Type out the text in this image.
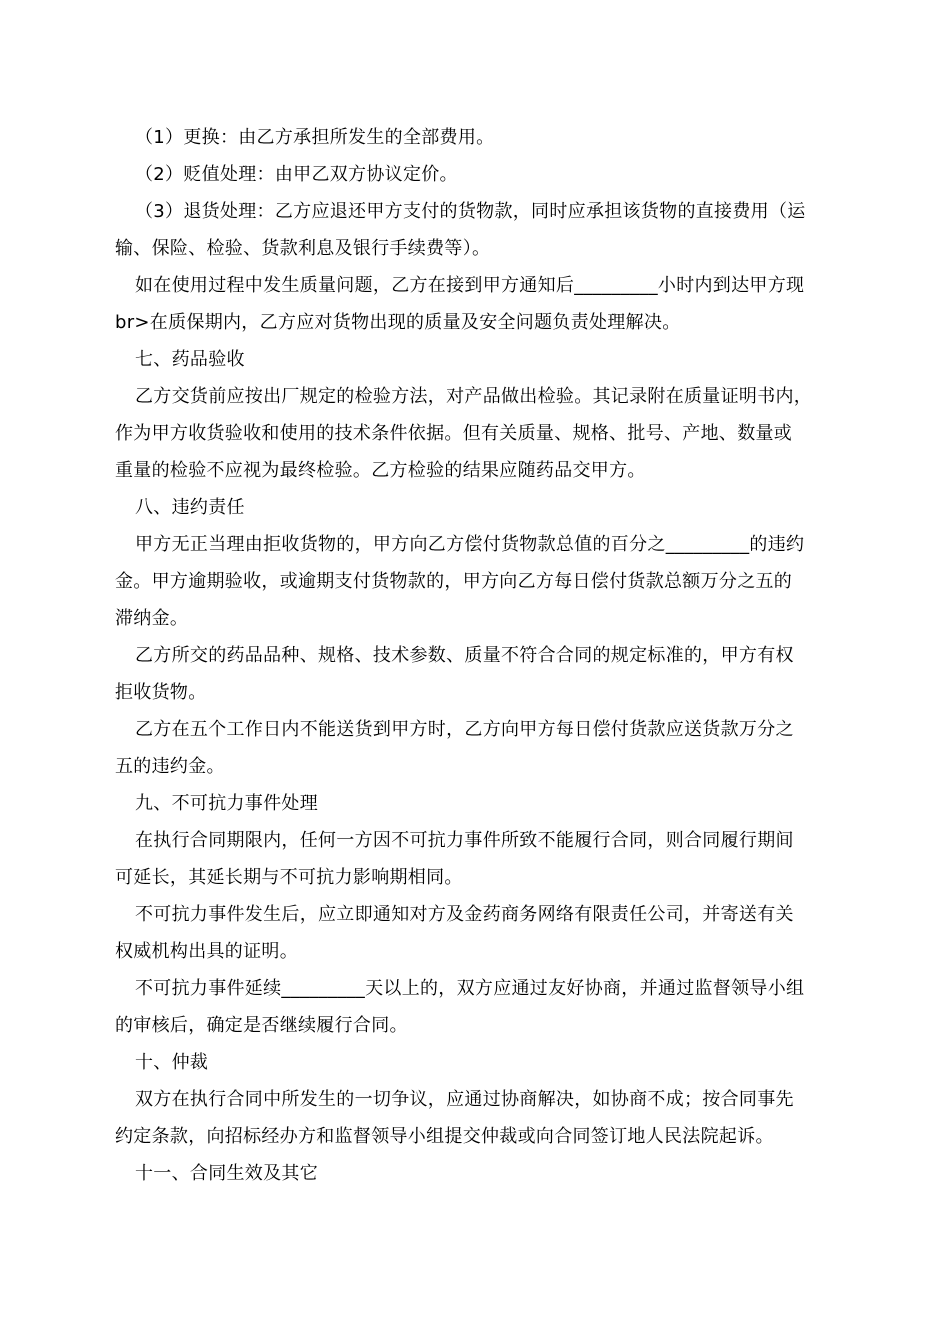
（1）更换：由乙方承担所发生的全部费用。
（2）贬值处理：由甲乙双方协议定价。
（3）退货处理：乙方应退还甲方支付的货物款，同时应承担该货物的直接费用（运
输、保险、检验、货款利息及银行手续费等）。
如在使用过程中发生质量问题，乙方在接到甲方通知后_________小时内到达甲方现
br>在质保期内，乙方应对货物出现的质量及安全问题负责处理解决。
七、药品验收
乙方交货前应按出厂规定的检验方法，对产品做出检验。其记录附在质量证明书内，
作为甲方收货验收和使用的技术条件依据。但有关质量、规格、批号、产地、数量或
重量的检验不应视为最终检验。乙方检验的结果应随药品交甲方。
八、违约责任
甲方无正当理由拒收货物的，甲方向乙方偿付货物款总值的百分之_________的违约
金。甲方逾期验收，或逾期支付货物款的，甲方向乙方每日偿付货款总额万分之五的
滞纳金。
乙方所交的药品品种、规格、技术参数、质量不符合合同的规定标准的，甲方有权
拒收货物。
乙方在五个工作日内不能送货到甲方时，乙方向甲方每日偿付货款应送货款万分之
五的违约金。
九、不可抗力事件处理
在执行合同期限内，任何一方因不可抗力事件所致不能履行合同，则合同履行期间
可延长，其延长期与不可抗力影响期相同。
不可抗力事件发生后，应立即通知对方及金药商务网络有限责任公司，并寄送有关
权威机构出具的证明。
不可抗力事件延续_________天以上的，双方应通过友好协商，并通过监督领导小组
的审核后，确定是否继续履行合同。
十、仲裁
双方在执行合同中所发生的一切争议，应通过协商解决，如协商不成；按合同事先
约定条款，向招标经办方和监督领导小组提交仲裁或向合同签订地人民法院起诉。
十一、合同生效及其它
